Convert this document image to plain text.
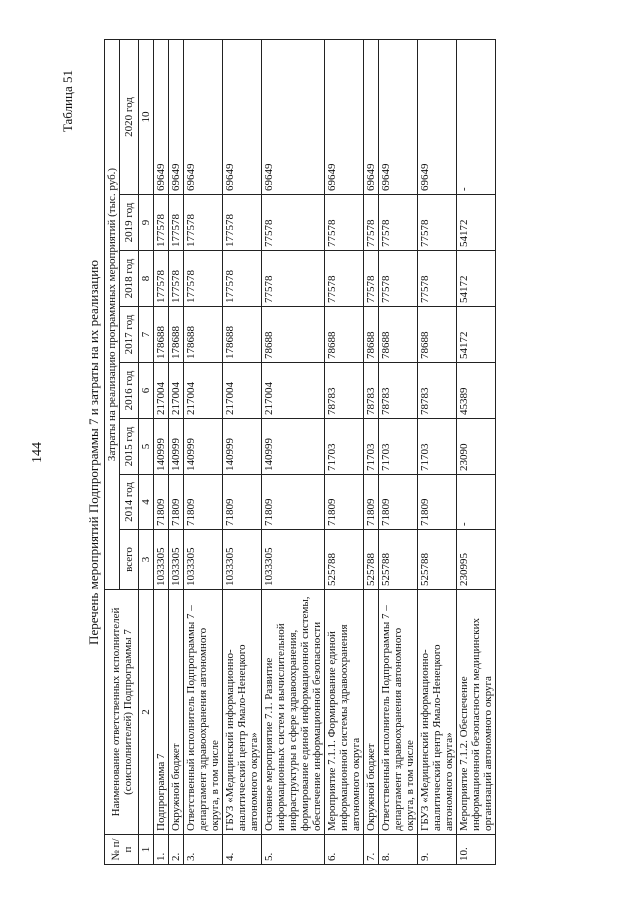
144
Таблица 51
Перечень мероприятий Подпрограммы 7 и затраты на их реализацию
№ п/п	Наименование ответственных исполнителей (соисполнителей) Подпрограммы 7	Затраты на реализацию программных мероприятий (тыс. руб.)							
		всего	2014 год	2015 год	2016 год	2017 год	2018 год	2019 год	2020 год
1	2	3	4	5	6	7	8	9	10
1.	Подпрограмма 7	1033305	71809	140999	217004	178688	177578	177578	69649
2.	Окружной бюджет	1033305	71809	140999	217004	178688	177578	177578	69649
3.	Ответственный исполнитель Подпрограммы 7 – департамент здравоохранения автономного округа, в том числе	1033305	71809	140999	217004	178688	177578	177578	69649
4.	ГБУЗ «Медицинский информационно-аналитический центр Ямало-Ненецкого автономного округа»	1033305	71809	140999	217004	178688	177578	177578	69649
5.	Основное мероприятие 7.1. Развитие информационных систем и вычислительной инфраструктуры в сфере здравоохранения, формирование единой информационной системы, обеспечение информационной безопасности	1033305	71809	140999	217004	78688	77578	77578	69649
6.	Мероприятие 7.1.1. Формирование единой информационной системы здравоохранения автономного округа	525788	71809	71703	78783	78688	77578	77578	69649
7.	Окружной бюджет	525788	71809	71703	78783	78688	77578	77578	69649
8.	Ответственный исполнитель Подпрограммы 7 – департамент здравоохранения автономного округа, в том числе	525788	71809	71703	78783	78688	77578	77578	69649
9.	ГБУЗ «Медицинский информационно-аналитический центр Ямало-Ненецкого автономного округа»	525788	71809	71703	78783	78688	77578	77578	69649
10.	Мероприятие 7.1.2. Обеспечение информационной безопасности медицинских организаций автономного округа	230995	-	23090	45389	54172	54172	54172	-
